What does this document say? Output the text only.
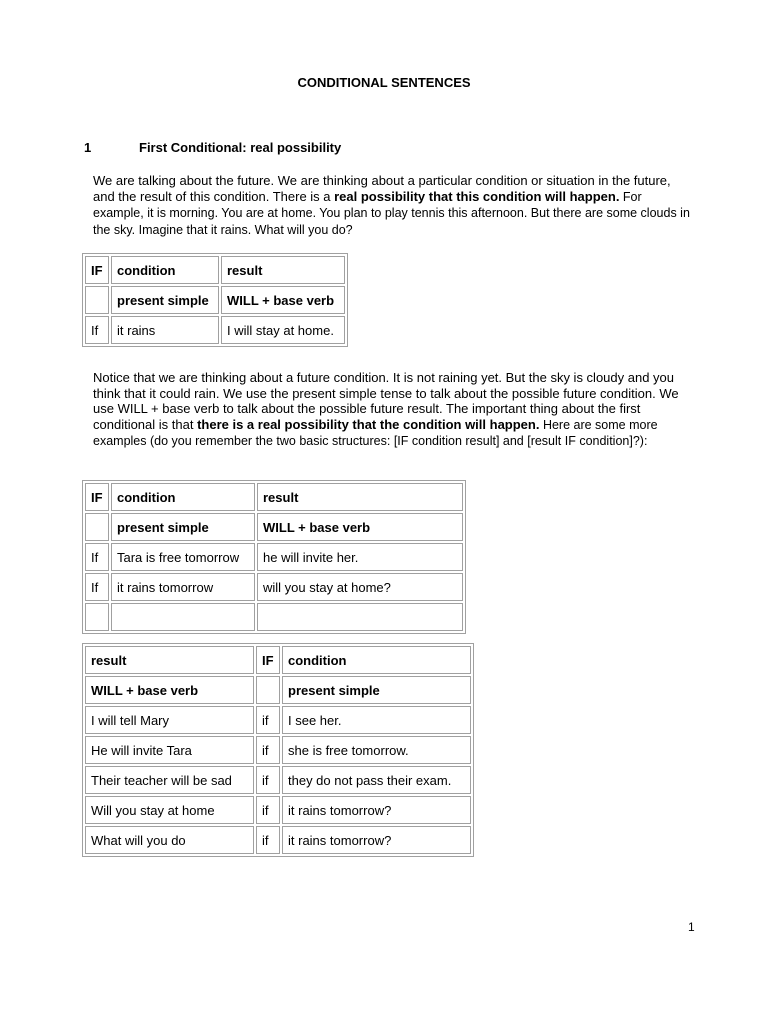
CONDITIONAL SENTENCES
1	First Conditional: real possibility
We are talking about the future. We are thinking about a particular condition or situation in the future, and the result of this condition. There is a real possibility that this condition will happen. For example, it is morning. You are at home. You plan to play tennis this afternoon. But there are some clouds in the sky. Imagine that it rains. What will you do?
IF	condition	result
	present simple	WILL + base verb
If	it rains	I will stay at home.
Notice that we are thinking about a future condition. It is not raining yet. But the sky is cloudy and you think that it could rain. We use the present simple tense to talk about the possible future condition. We use WILL + base verb to talk about the possible future result. The important thing about the first conditional is that there is a real possibility that the condition will happen. Here are some more examples (do you remember the two basic structures: [IF condition result] and [result IF condition]?):
IF	condition	result
	present simple	WILL + base verb
If	Tara is free tomorrow	he will invite her.
If	it rains tomorrow	will you stay at home?

result	IF	condition
WILL + base verb		present simple
I will tell Mary	if	I see her.
He will invite Tara	if	she is free tomorrow.
Their teacher will be sad	if	they do not pass their exam.
Will you stay at home	if	it rains tomorrow?
What will you do	if	it rains tomorrow?
1
